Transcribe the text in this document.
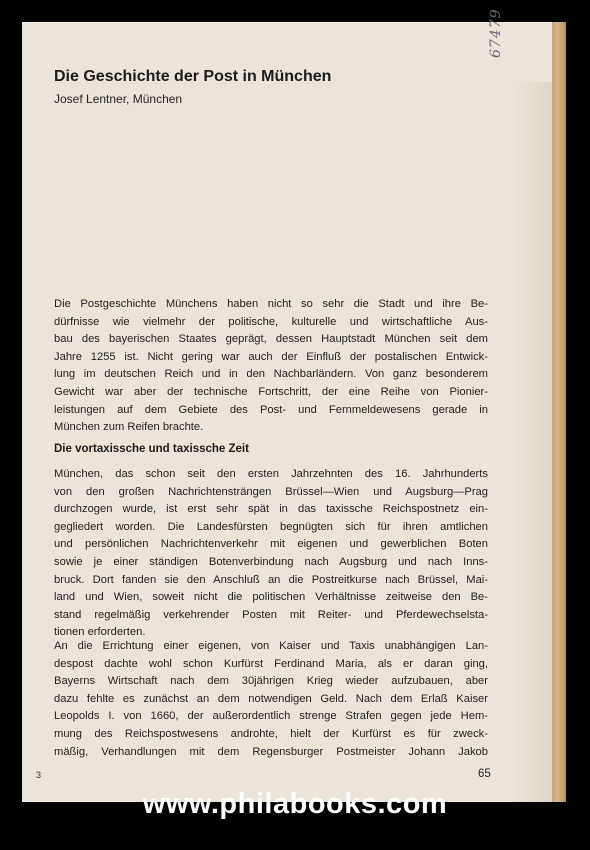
67479
Die Geschichte der Post in München
Josef Lentner, München
Die Postgeschichte Münchens haben nicht so sehr die Stadt und ihre Be-
dürfnisse wie vielmehr der politische, kulturelle und wirtschaftliche Aus-
bau des bayerischen Staates geprägt, dessen Hauptstadt München seit dem
Jahre 1255 ist. Nicht gering war auch der Einfluß der postalischen Entwick-
lung im deutschen Reich und in den Nachbarländern. Von ganz besonderem
Gewicht war aber der technische Fortschritt, der eine Reihe von Pionier-
leistungen auf dem Gebiete des Post- und Fernmeldewesens gerade in
München zum Reifen brachte.
Die vortaxissche und taxissche Zeit
München, das schon seit den ersten Jahrzehnten des 16. Jahrhunderts
von den großen Nachrichtensträngen Brüssel—Wien und Augsburg—Prag
durchzogen wurde, ist erst sehr spät in das taxissche Reichspostnetz ein-
gegliedert worden. Die Landesfürsten begnügten sich für ihren amtlichen
und persönlichen Nachrichtenverkehr mit eigenen und gewerblichen Boten
sowie je einer ständigen Botenverbindung nach Augsburg und nach Inns-
bruck. Dort fanden sie den Anschluß an die Postreitkurse nach Brüssel, Mai-
land und Wien, soweit nicht die politischen Verhältnisse zeitweise den Be-
stand regelmäßig verkehrender Posten mit Reiter- und Pferdewechselsta-
tionen erforderten.
An die Errichtung einer eigenen, von Kaiser und Taxis unabhängigen Lan-
despost dachte wohl schon Kurfürst Ferdinand Maria, als er daran ging,
Bayerns Wirtschaft nach dem 30jährigen Krieg wieder aufzubauen, aber
dazu fehlte es zunächst an dem notwendigen Geld. Nach dem Erlaß Kaiser
Leopolds I. von 1660, der außerordentlich strenge Strafen gegen jede Hem-
mung des Reichspostwesens androhte, hielt der Kurfürst es für zweck-
mäßig, Verhandlungen mit dem Regensburger Postmeister Johann Jakob
3	65
www.philabooks.com
